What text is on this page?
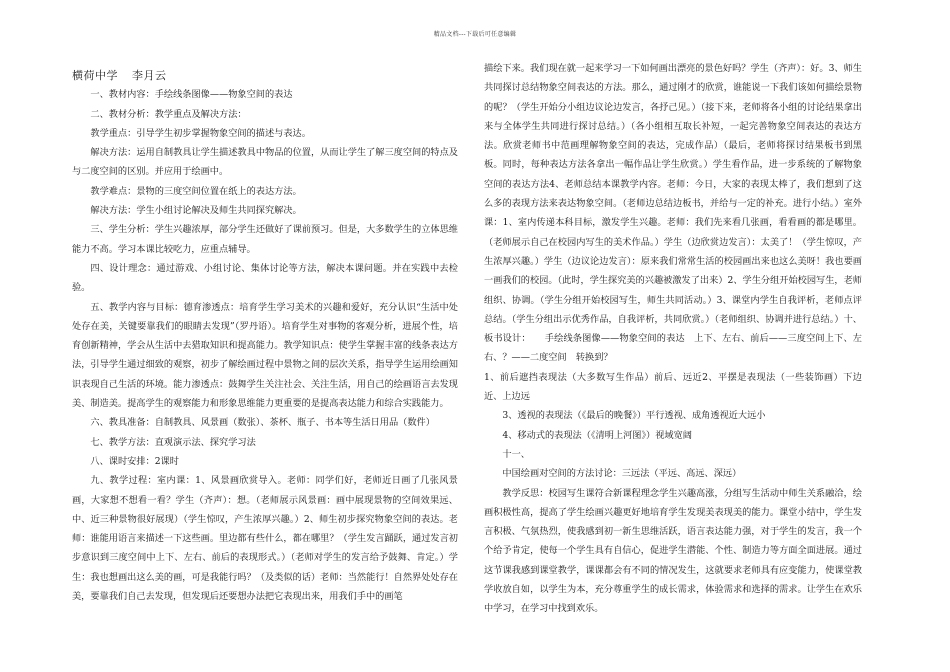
精品文档---下载后可任意编辑

横荷中学 李月云

一、教材内容：手绘线条图像——物象空间的表达

二、教材分析：教学重点及解决方法：

教学重点：引导学生初步掌握物象空间的描述与表达。

解决方法：运用自制教具让学生描述教具中物品的位置，从而让学生了解三度空间的特点及与二度空间的区别。并应用于绘画中。

教学难点：景物的三度空间位置在纸上的表达方法。

解决方法：学生小组讨论解决及师生共同探究解决。

三、学生分析：学生兴趣浓厚，部分学生还做好了课前预习。但是，大多数学生的立体思维能力不高。学习本课比较吃力，应重点辅导。

四、设计理念：通过游戏、小组讨论、集体讨论等方法，解决本课问题。并在实践中去检验。

五、教学内容与目标：德育渗透点：培育学生学习美术的兴趣和爱好，充分认识“生活中处处存在美，关键要靠我们的眼睛去发现”（罗丹语）。培育学生对事物的客观分析，进展个性，培育创新精神，学会从生活中去猎取知识和提高能力。教学知识点：使学生掌握丰富的线条表达方法，引导学生通过细致的观察，初步了解绘画过程中景物之间的层次关系，指导学生运用绘画知识表现自己生活的环境。能力渗透点：鼓舞学生关注社会、关注生活，用自己的绘画语言去发现美、制造美。提高学生的观察能力和形象思维能力更重要的是提高表达能力和综合实践能力。

六、教具准备：自制教具、风景画（数张）、茶杯、瓶子、书本等生活日用品（数件）

七、教学方法：直观演示法、探究学习法

八、课时安排：2课时

九、教学过程：室内课：1、风景画欣赏导入。老师：同学们好，老师近日画了几张风景画，大家想不想看一看？学生（齐声）：想。（老师展示风景画：画中展现景物的空间效果远、中、近三种景物很好展现）（学生惊叹，产生浓厚兴趣。）2、师生初步探究物象空间的表达。老师：谁能用语言来描述一下这些画。里边都有些什么，都在哪里？（学生发言踊跃，通过发言初步意识到三度空间中上下、左右、前后的表现形式。）（老师对学生的发言给予鼓舞、肯定。）学生：我也想画出这么美的画，可是我能行吗？（及类似的话）老师：当然能行！自然界处处存在美，要靠我们自己去发现，但发现后还要想办法把它表现出来，用我们手中的画笔

描绘下来。我们现在就一起来学习一下如何画出漂亮的景色好吗？学生（齐声）：好。3、师生共同探讨总结物象空间表达的方法。那么，通过刚才的欣赏，谁能说一下我们该如何描绘景物的呢？（学生开始分小组边议论边发言，各抒己见。）（接下来，老师将各小组的讨论结果拿出来与全体学生共同进行探讨总结。）（各小组相互取长补短，一起完善物象空间表达的表达方法。欣赏老师书中范画理解物象空间的表达，完成作品）（最后，老师将探讨结果板书到黑板。同时，每种表达方法各拿出一幅作品让学生欣赏。）学生看作品，进一步系统的了解物象空间的表达方法4、老师总结本课教学内容。老师：今日，大家的表现太棒了，我们想到了这么多的表现方法来表达物象空间。（老师边总结边板书，并给与一定的补充。进行小结。）室外课：1、室内传递本科目标，激发学生兴趣。老师：我们先来看几张画，看看画的都是哪里。（老师展示自己在校园内写生的美术作品。）学生（边欣赏边发言）：太美了！（学生惊叹，产生浓厚兴趣。）学生（边议论边发言）：原来我们常常生活的校园画出来也这么美呀！我也要画一画我们的校园。（此时，学生探究美的兴趣被激发了出来）2、学生分组开始校园写生，老师组织、协调。（学生分组开始校园写生，师生共同活动。）3、课堂内学生自我评析，老师点评总结。（学生分组出示优秀作品，自我评析，共同欣赏。）（老师组织、协调并进行总结。）十、板书设计：　　手绘线条图像——物象空间的表达　上下、左右、前后——三度空间上下、左右、？——二度空间　转换到？

1、前后遮挡表现法（大多数写生作品）前后、远近2、平摆是表现法（一些装饰画）下边近、上边远

3、透视的表现法（《最后的晚餐》）平行透视、成角透视近大远小

4、移动式的表现法（《清明上河图》）视域宽阔

十一、

中国绘画对空间的方法讨论：三远法（平远、高远、深远）

教学反思：校园写生课符合新课程理念学生兴趣高涨，分组写生活动中师生关系融洽，绘画积极性高，提高了学生绘画兴趣更好地培育学生发现美表现美的能力。课堂小结中，学生发言积极、气氛热烈，使我感到初一新生思维活跃，语言表达能力强，对于学生的发言，我一个个给予肯定，使每一个学生具有自信心，促进学生潜能、个性、制造力等方面全面进展。通过这节课我感到课堂教学，课课都会有不同的情况发生，这就要求老师具有应变能力，使课堂教学收放自如，以学生为本，充分尊重学生的成长需求，体验需求和选择的需求。让学生在欢乐中学习，在学习中找到欢乐。
